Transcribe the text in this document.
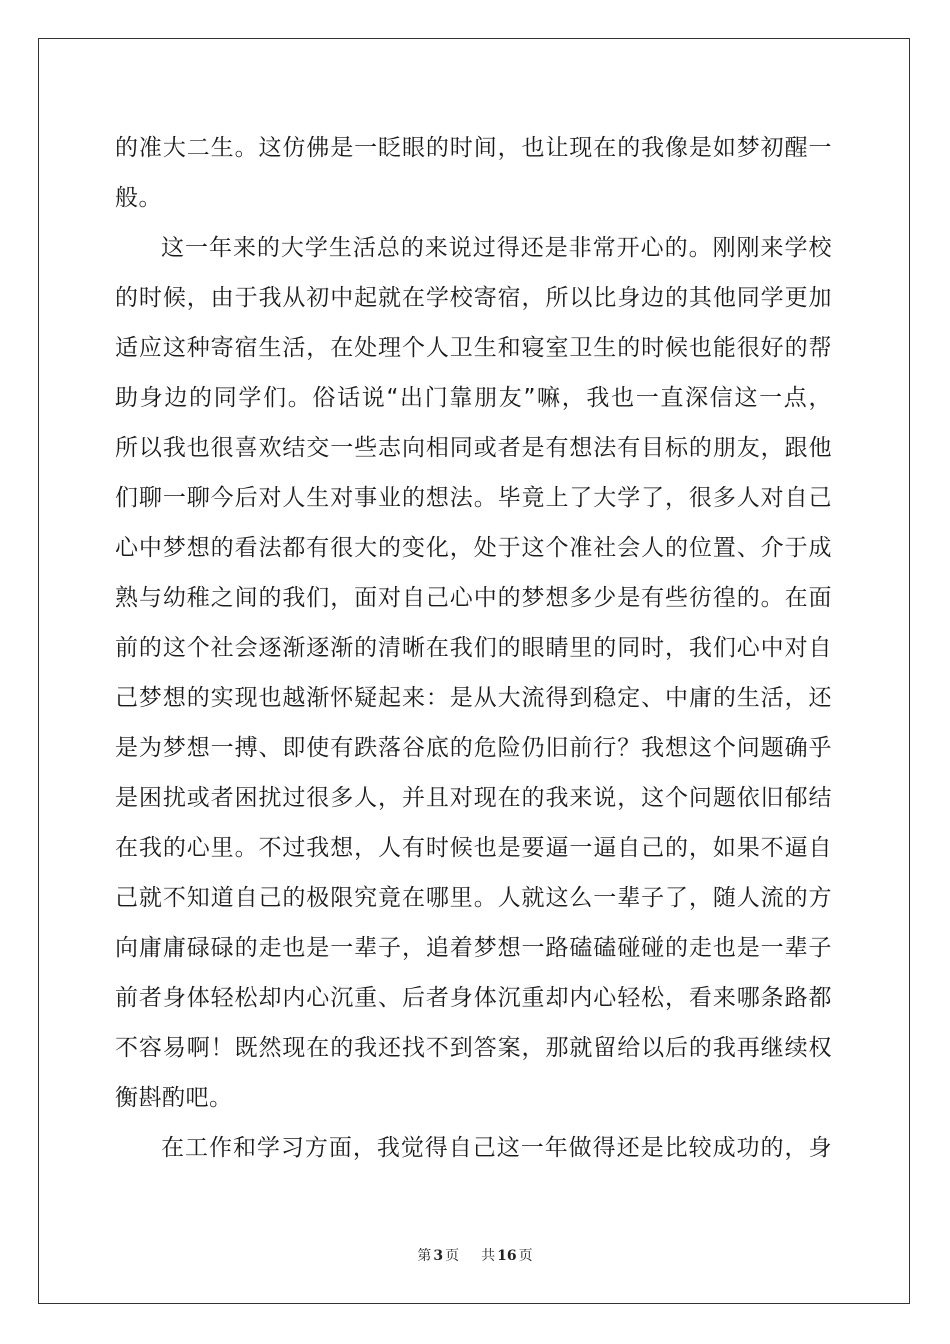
的准大二生。这仿佛是一眨眼的时间，也让现在的我像是如梦初醒一
般。
这一年来的大学生活总的来说过得还是非常开心的。刚刚来学校
的时候，由于我从初中起就在学校寄宿，所以比身边的其他同学更加
适应这种寄宿生活，在处理个人卫生和寝室卫生的时候也能很好的帮
助身边的同学们。俗话说“出门靠朋友”嘛，我也一直深信这一点，
所以我也很喜欢结交一些志向相同或者是有想法有目标的朋友，跟他
们聊一聊今后对人生对事业的想法。毕竟上了大学了，很多人对自己
心中梦想的看法都有很大的变化，处于这个准社会人的位置、介于成
熟与幼稚之间的我们，面对自己心中的梦想多少是有些彷徨的。在面
前的这个社会逐渐逐渐的清晰在我们的眼睛里的同时，我们心中对自
己梦想的实现也越渐怀疑起来：是从大流得到稳定、中庸的生活，还
是为梦想一搏、即使有跌落谷底的危险仍旧前行？我想这个问题确乎
是困扰或者困扰过很多人，并且对现在的我来说，这个问题依旧郁结
在我的心里。不过我想，人有时候也是要逼一逼自己的，如果不逼自
己就不知道自己的极限究竟在哪里。人就这么一辈子了，随人流的方
向庸庸碌碌的走也是一辈子，追着梦想一路磕磕碰碰的走也是一辈子
前者身体轻松却内心沉重、后者身体沉重却内心轻松，看来哪条路都
不容易啊！既然现在的我还找不到答案，那就留给以后的我再继续权
衡斟酌吧。
在工作和学习方面，我觉得自己这一年做得还是比较成功的，身
第 3 页 共 16 页
